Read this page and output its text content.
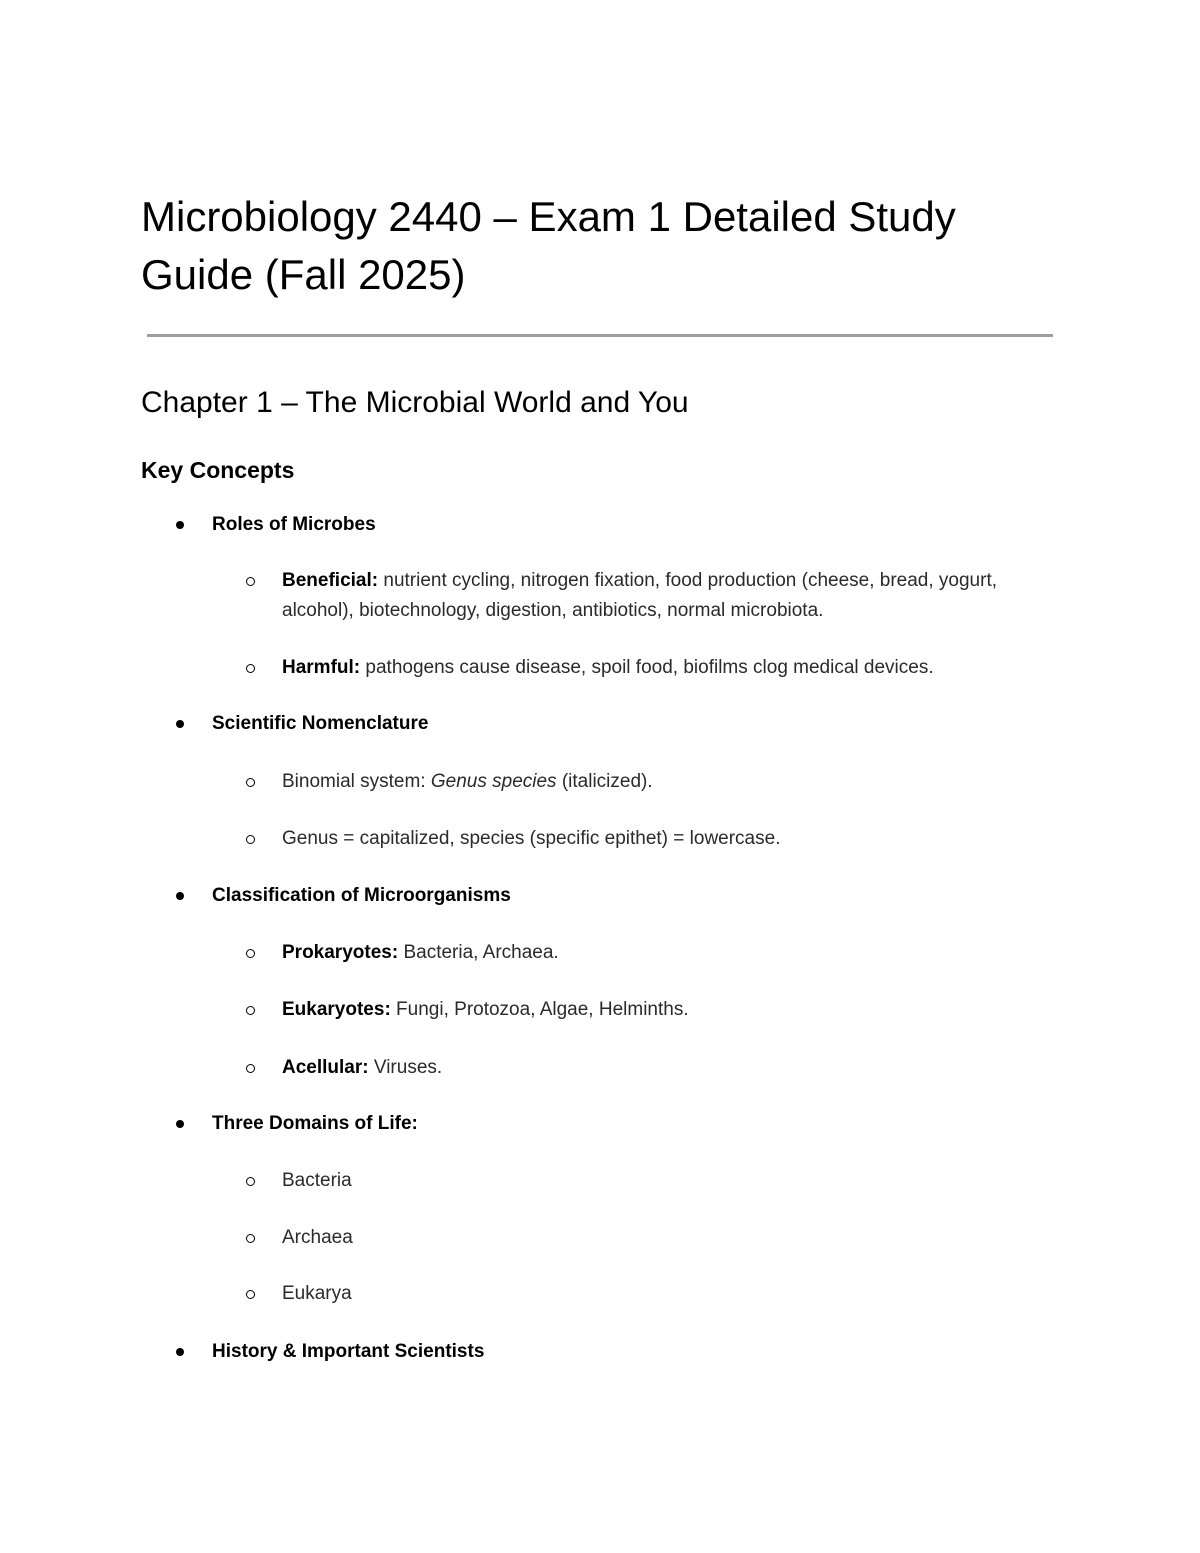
Microbiology 2440 – Exam 1 Detailed Study Guide (Fall 2025)
Chapter 1 – The Microbial World and You
Key Concepts
Roles of Microbes
Beneficial: nutrient cycling, nitrogen fixation, food production (cheese, bread, yogurt, alcohol), biotechnology, digestion, antibiotics, normal microbiota.
Harmful: pathogens cause disease, spoil food, biofilms clog medical devices.
Scientific Nomenclature
Binomial system: Genus species (italicized).
Genus = capitalized, species (specific epithet) = lowercase.
Classification of Microorganisms
Prokaryotes: Bacteria, Archaea.
Eukaryotes: Fungi, Protozoa, Algae, Helminths.
Acellular: Viruses.
Three Domains of Life:
Bacteria
Archaea
Eukarya
History & Important Scientists
